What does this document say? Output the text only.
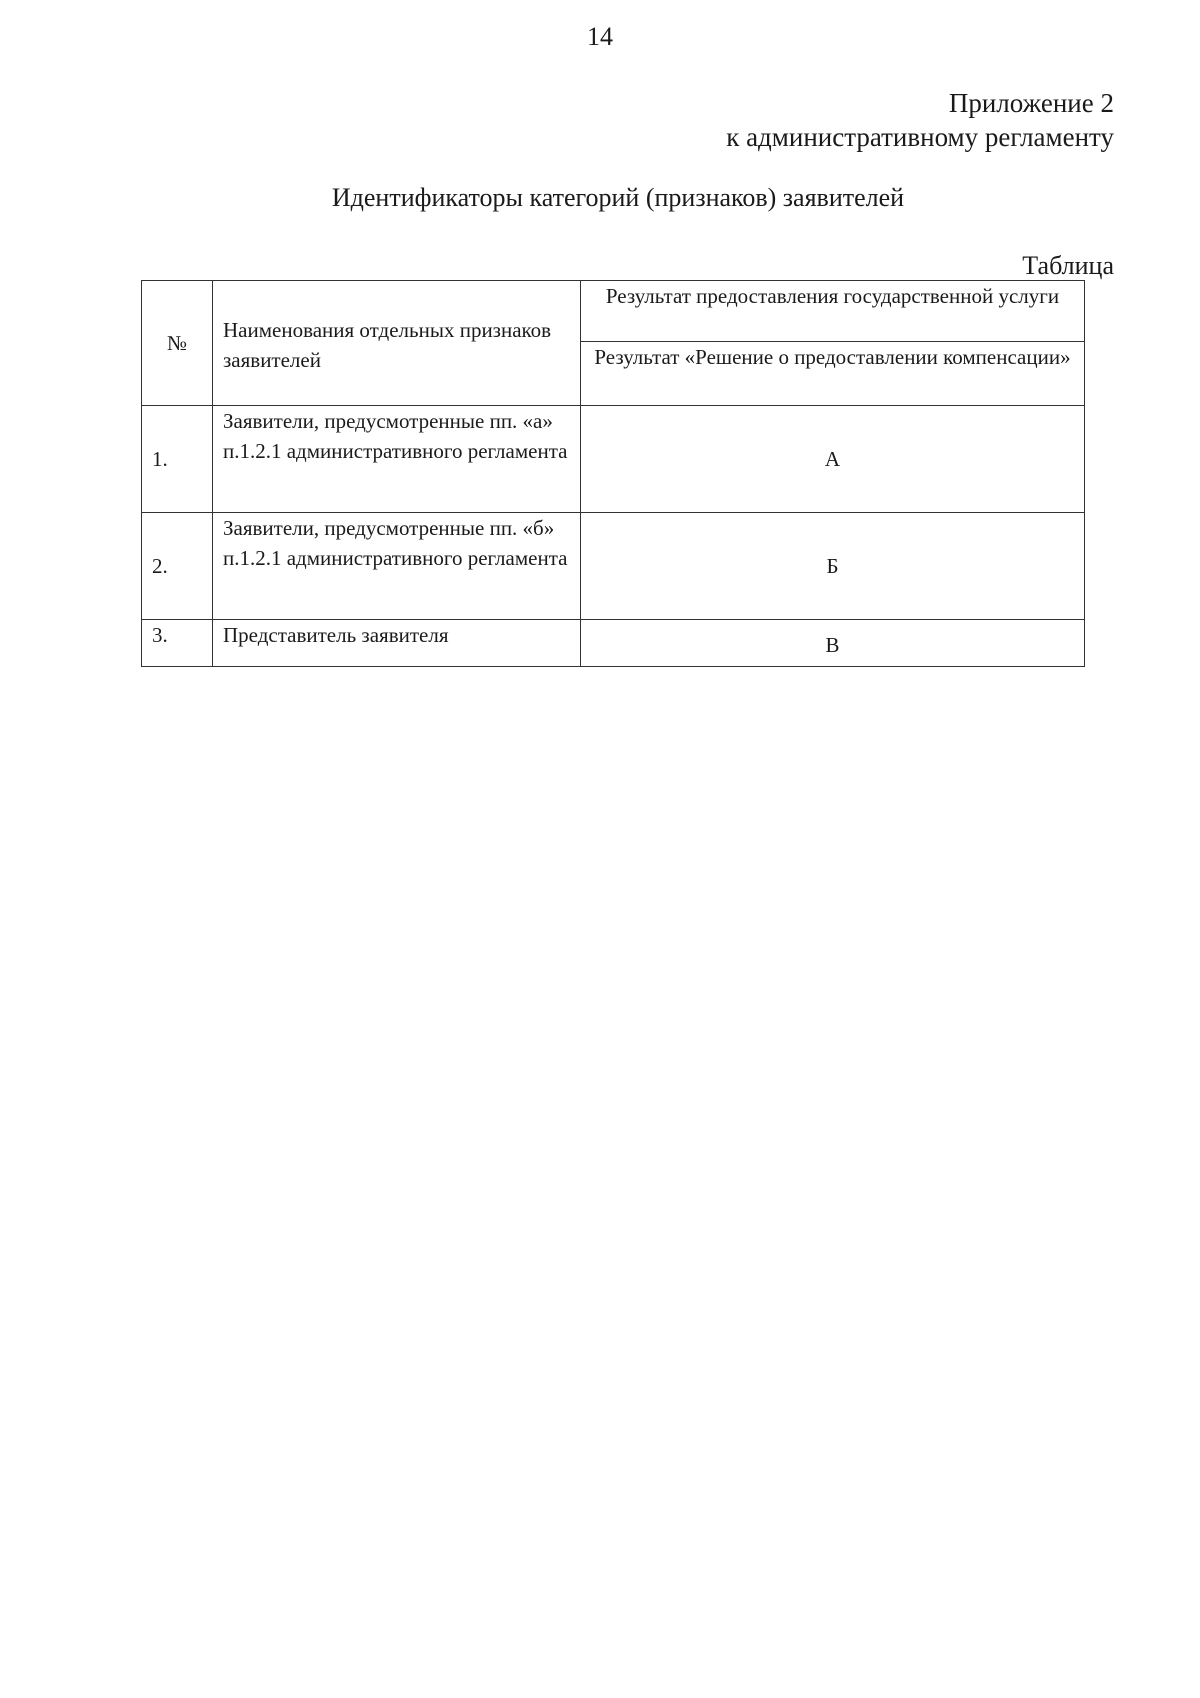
14
Приложение 2
к административному регламенту
Идентификаторы категорий (признаков) заявителей
Таблица
№	Наименования отдельных признаков заявителей	Результат предоставления государственной услуги
		Результат «Решение о предоставлении компенсации»
1.	Заявители, предусмотренные пп. «а» п.1.2.1 административного регламента	А
2.	Заявители, предусмотренные пп. «б» п.1.2.1 административного регламента	Б
3.	Представитель заявителя	В
